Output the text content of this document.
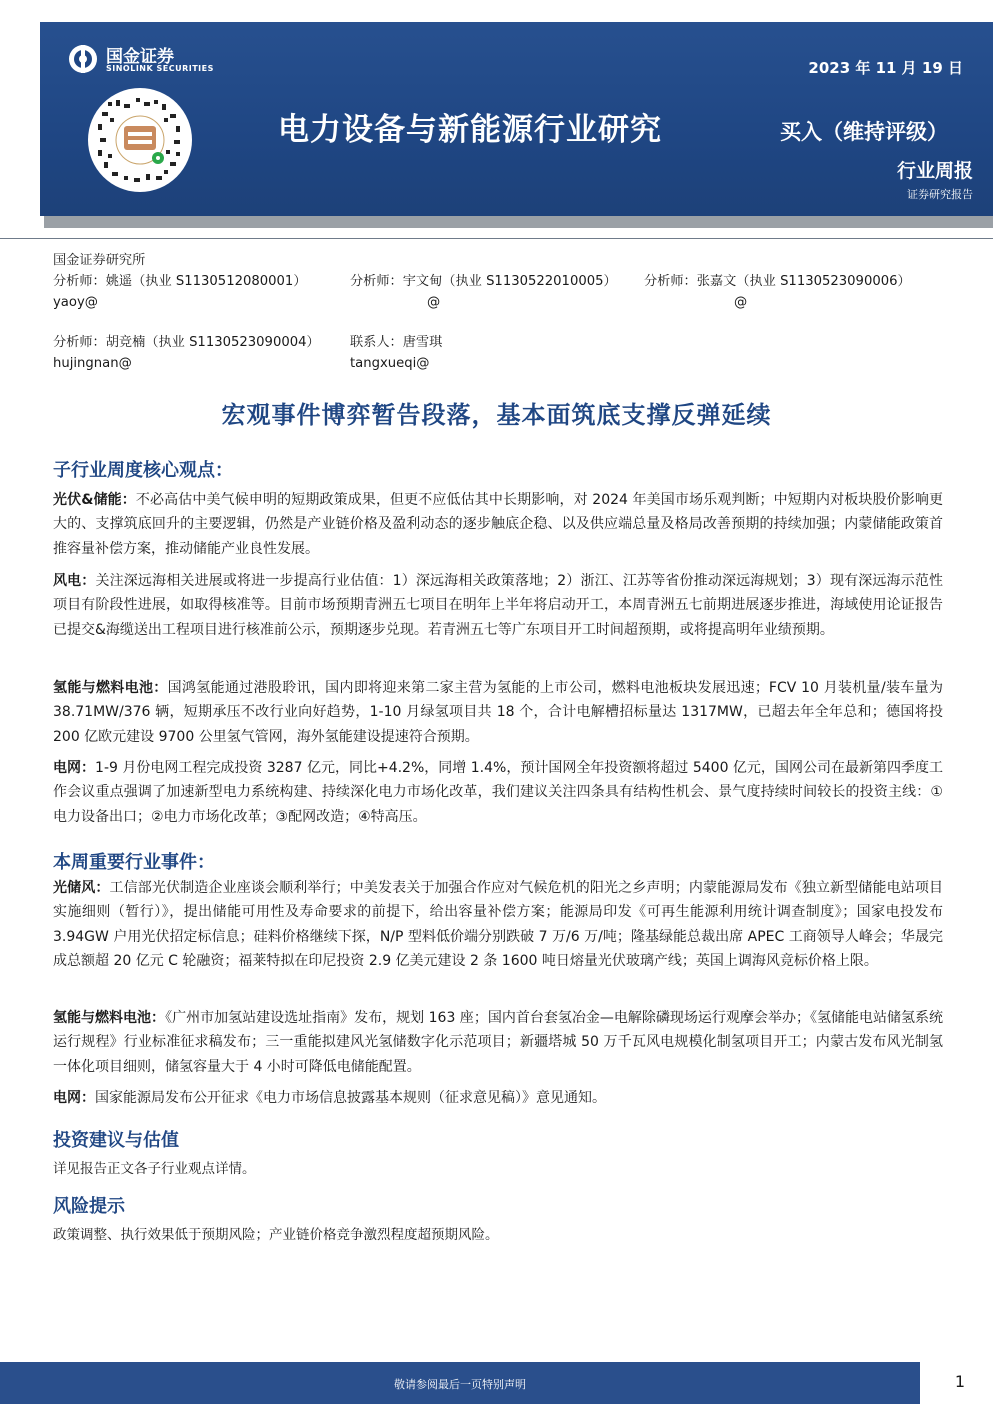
国金证券
SINOLINK SECURITIES	2023 年 11 月 19 日
电力设备与新能源行业研究	买入（维持评级）
行业周报
证券研究报告
国金证券研究所
分析师：姚遥（执业 S1130512080001）	分析师：宇文甸（执业 S1130522010005） 分析师：张嘉文（执业 S1130523090006）
yaoy@	@	@
分析师：胡竞楠（执业 S1130523090004） 联系人：唐雪琪
hujingnan@	tangxueqi@
宏观事件博弈暂告段落，基本面筑底支撑反弹延续
子行业周度核心观点：

光伏&储能：不必高估中美气候申明的短期政策成果，但更不应低估其中长期影响，对 2024 年美国市场乐观判断；中短期内对板块股价影响更大的、支撑筑底回升的主要逻辑，仍然是产业链价格及盈利动态的逐步触底企稳、以及供应端总量及格局改善预期的持续加强；内蒙储能政策首推容量补偿方案，推动储能产业良性发展。

风电：关注深远海相关进展或将进一步提高行业估值：1）深远海相关政策落地；2）浙江、江苏等省份推动深远海规划；3）现有深远海示范性项目有阶段性进展，如取得核准等。目前市场预期青洲五七项目在明年上半年将启动开工，本周青洲五七前期进展逐步推进，海域使用论证报告已提交&海缆送出工程项目进行核准前公示，预期逐步兑现。若青洲五七等广东项目开工时间超预期，或将提高明年业绩预期。

氢能与燃料电池：国鸿氢能通过港股聆讯，国内即将迎来第二家主营为氢能的上市公司，燃料电池板块发展迅速；FCV 10 月装机量/装车量为 38.71MW/376 辆，短期承压不改行业向好趋势，1-10 月绿氢项目共 18 个，合计电解槽招标量达 1317MW，已超去年全年总和；德国将投 200 亿欧元建设 9700 公里氢气管网，海外氢能建设提速符合预期。

电网：1-9 月份电网工程完成投资 3287 亿元，同比+4.2%，同增 1.4%，预计国网全年投资额将超过 5400 亿元，国网公司在最新第四季度工作会议重点强调了加速新型电力系统构建、持续深化电力市场化改革，我们建议关注四条具有结构性机会、景气度持续时间较长的投资主线：①电力设备出口；②电力市场化改革；③配网改造；④特高压。

本周重要行业事件：

光储风：工信部光伏制造企业座谈会顺利举行；中美发表关于加强合作应对气候危机的阳光之乡声明；内蒙能源局发布《独立新型储能电站项目实施细则（暂行）》，提出储能可用性及寿命要求的前提下，给出容量补偿方案；能源局印发《可再生能源利用统计调查制度》；国家电投发布 3.94GW 户用光伏招定标信息；硅料价格继续下探，N/P 型料低价端分别跌破 7 万/6 万/吨；隆基绿能总裁出席 APEC 工商领导人峰会；华晟完成总额超 20 亿元 C 轮融资；福莱特拟在印尼投资 2.9 亿美元建设 2 条 1600 吨日熔量光伏玻璃产线；英国上调海风竞标价格上限。

氢能与燃料电池：《广州市加氢站建设选址指南》发布，规划 163 座；国内首台套氢冶金—电解除磷现场运行观摩会举办；《氢储能电站储氢系统运行规程》行业标准征求稿发布；三一重能拟建风光氢储数字化示范项目；新疆塔城 50 万千瓦风电规模化制氢项目开工；内蒙古发布风光制氢一体化项目细则，储氢容量大于 4 小时可降低电储能配置。

电网：国家能源局发布公开征求《电力市场信息披露基本规则（征求意见稿）》意见通知。

投资建议与估值
详见报告正文各子行业观点详情。
风险提示
政策调整、执行效果低于预期风险；产业链价格竞争激烈程度超预期风险。
敬请参阅最后一页特别声明	1
